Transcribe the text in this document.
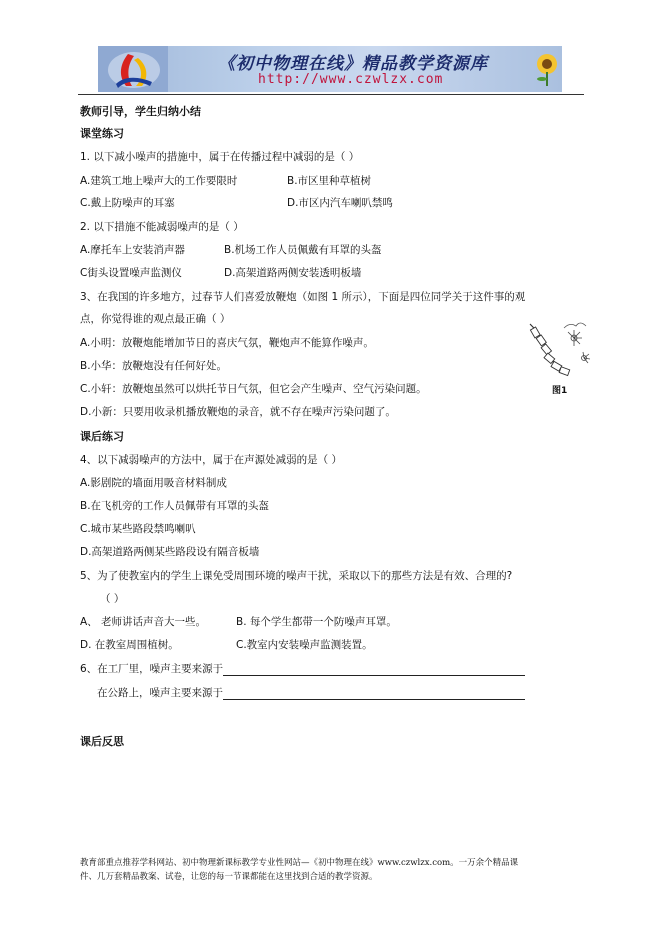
《初中物理在线》精品教学资源库
http://www.czwlzx.com
教师引导，学生归纳小结
课堂练习
1. 以下减小噪声的措施中，属于在传播过程中减弱的是（ ）
A.建筑工地上噪声大的工作要限时	B.市区里种草植树
C.戴上防噪声的耳塞	D.市区内汽车喇叭禁鸣
2. 以下措施不能减弱噪声的是（ ）
A.摩托车上安装消声器	B.机场工作人员佩戴有耳罩的头盔
C街头设置噪声监测仪	D.高架道路两侧安装透明板墙
3、在我国的许多地方，过春节人们喜爱放鞭炮（如图 1 所示），下面是四位同学关于这件事的观
点，你觉得谁的观点最正确（ ）
A.小明：放鞭炮能增加节日的喜庆气氛，鞭炮声不能算作噪声。
B.小华：放鞭炮没有任何好处。
C.小轩：放鞭炮虽然可以烘托节日气氛，但它会产生噪声、空气污染问题。
D.小新：只要用收录机播放鞭炮的录音，就不存在噪声污染问题了。
图1
课后练习
4、以下减弱噪声的方法中，属于在声源处减弱的是（ ）
A.影剧院的墙面用吸音材料制成
B.在飞机旁的工作人员佩带有耳罩的头盔
C.城市某些路段禁鸣喇叭
D.高架道路两侧某些路段设有隔音板墙
5、为了使教室内的学生上课免受周围环境的噪声干扰，采取以下的那些方法是有效、合理的?
（ ）
A、 老师讲话声音大一些。	B. 每个学生都带一个防噪声耳罩。
D. 在教室周围植树。	C.教室内安装噪声监测装置。
6、在工厂里，噪声主要来源于
在公路上，噪声主要来源于
课后反思
教育部重点推荐学科网站、初中物理新课标教学专业性网站—《初中物理在线》www.czwlzx.com。一万余个精品课
件、几万套精品教案、试卷，让您的每一节课都能在这里找到合适的教学资源。
